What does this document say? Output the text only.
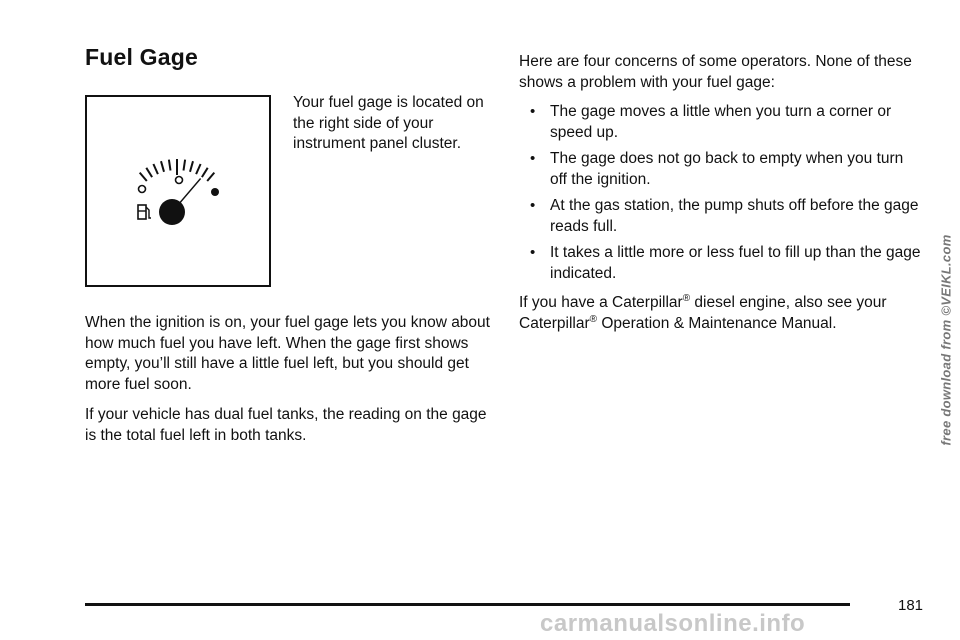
Fuel Gage

Your fuel gage is located on the right side of your instrument panel cluster.

When the ignition is on, your fuel gage lets you know about how much fuel you have left. When the gage first shows empty, you’ll still have a little fuel left, but you should get more fuel soon.

If your vehicle has dual fuel tanks, the reading on the gage is the total fuel left in both tanks.

Here are four concerns of some operators. None of these shows a problem with your fuel gage:

• The gage moves a little when you turn a corner or speed up.
• The gage does not go back to empty when you turn off the ignition.
• At the gas station, the pump shuts off before the gage reads full.
• It takes a little more or less fuel to fill up than the gage indicated.

If you have a Caterpillar® diesel engine, also see your Caterpillar® Operation & Maintenance Manual.

181
free download from ©VEIKL.com
carmanualsonline.info
